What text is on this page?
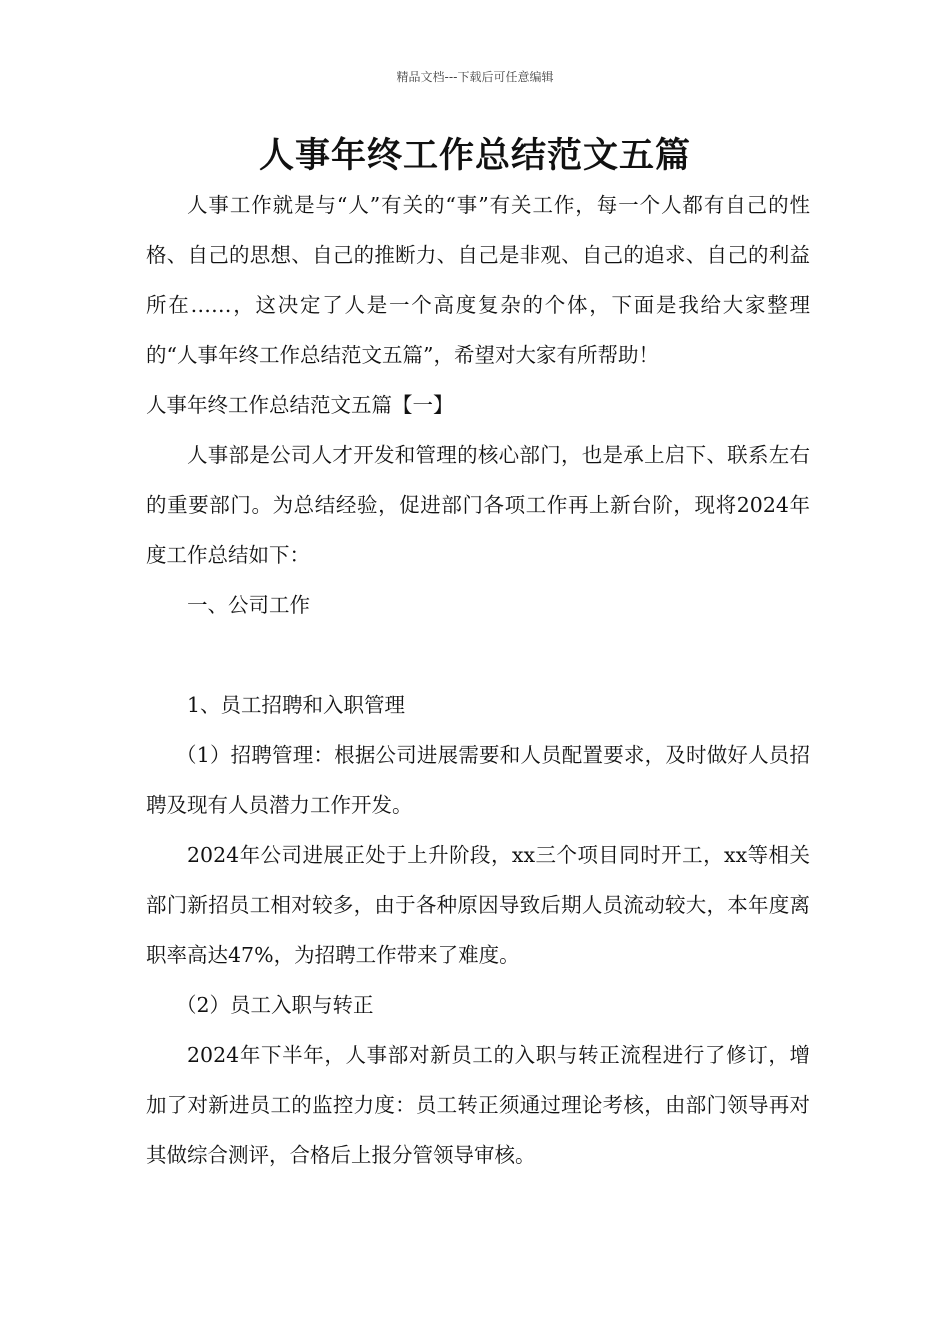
精品文档---下载后可任意编辑
人事年终工作总结范文五篇

人事工作就是与“人”有关的“事”有关工作，每一个人都有自己的性格、自己的思想、自己的推断力、自己是非观、自己的追求、自己的利益所在……，这决定了人是一个高度复杂的个体，下面是我给大家整理的“人事年终工作总结范文五篇”，希望对大家有所帮助！

人事年终工作总结范文五篇【一】

人事部是公司人才开发和管理的核心部门，也是承上启下、联系左右的重要部门。为总结经验，促进部门各项工作再上新台阶，现将2024年度工作总结如下：

一、公司工作

1、员工招聘和入职管理

（1）招聘管理：根据公司进展需要和人员配置要求，及时做好人员招聘及现有人员潜力工作开发。

2024年公司进展正处于上升阶段，xx三个项目同时开工，xx等相关部门新招员工相对较多，由于各种原因导致后期人员流动较大，本年度离职率高达47%，为招聘工作带来了难度。

（2）员工入职与转正

2024年下半年，人事部对新员工的入职与转正流程进行了修订，增加了对新进员工的监控力度：员工转正须通过理论考核，由部门领导再对其做综合测评，合格后上报分管领导审核。
